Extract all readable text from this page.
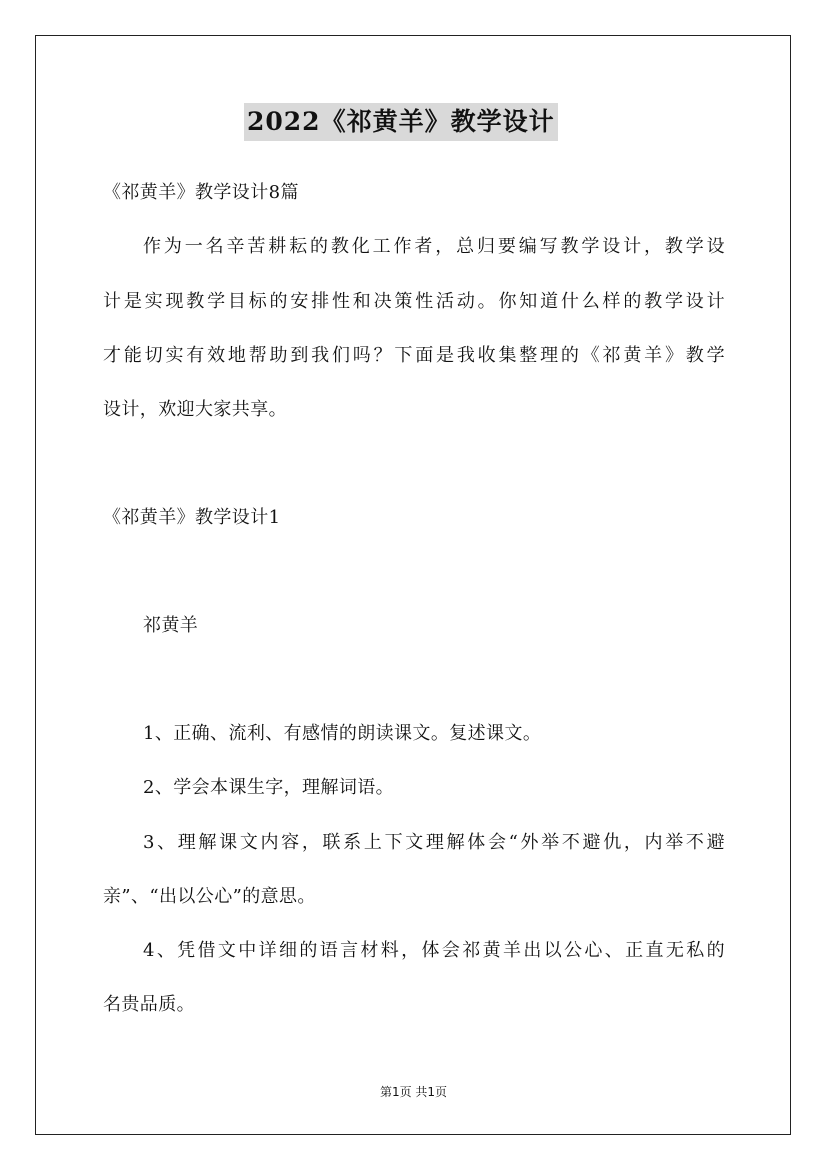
2022《祁黄羊》教学设计
《祁黄羊》教学设计8篇
作为一名辛苦耕耘的教化工作者，总归要编写教学设计，教学设
计是实现教学目标的安排性和决策性活动。你知道什么样的教学设计
才能切实有效地帮助到我们吗？下面是我收集整理的《祁黄羊》教学
设计，欢迎大家共享。
《祁黄羊》教学设计1
祁黄羊
1、正确、流利、有感情的朗读课文。复述课文。
2、学会本课生字，理解词语。
3、理解课文内容，联系上下文理解体会“外举不避仇，内举不避
亲”、“出以公心”的意思。
4、凭借文中详细的语言材料，体会祁黄羊出以公心、正直无私的
名贵品质。
第1页 共1页
